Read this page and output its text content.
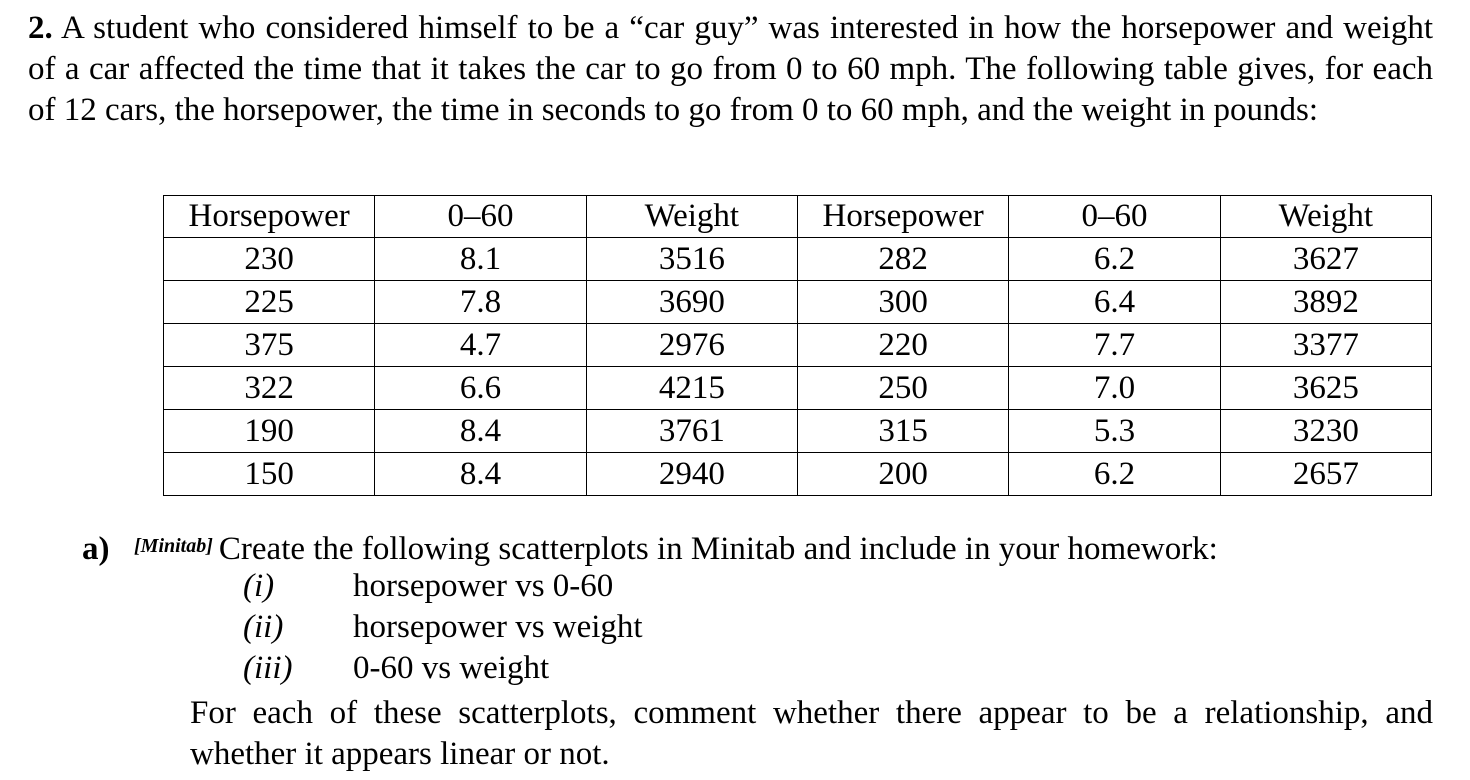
2. A student who considered himself to be a “car guy” was interested in how the horsepower and weight of a car affected the time that it takes the car to go from 0 to 60 mph. The following table gives, for each of 12 cars, the horsepower, the time in seconds to go from 0 to 60 mph, and the weight in pounds:
Horsepower	0–60	Weight	Horsepower	0–60	Weight
230	8.1	3516	282	6.2	3627
225	7.8	3690	300	6.4	3892
375	4.7	2976	220	7.7	3377
322	6.6	4215	250	7.0	3625
190	8.4	3761	315	5.3	3230
150	8.4	2940	200	6.2	2657
a) [Minitab] Create the following scatterplots in Minitab and include in your homework:
(i)	horsepower vs 0-60
(ii)	horsepower vs weight
(iii)	0-60 vs weight
For each of these scatterplots, comment whether there appear to be a relationship, and whether it appears linear or not.
